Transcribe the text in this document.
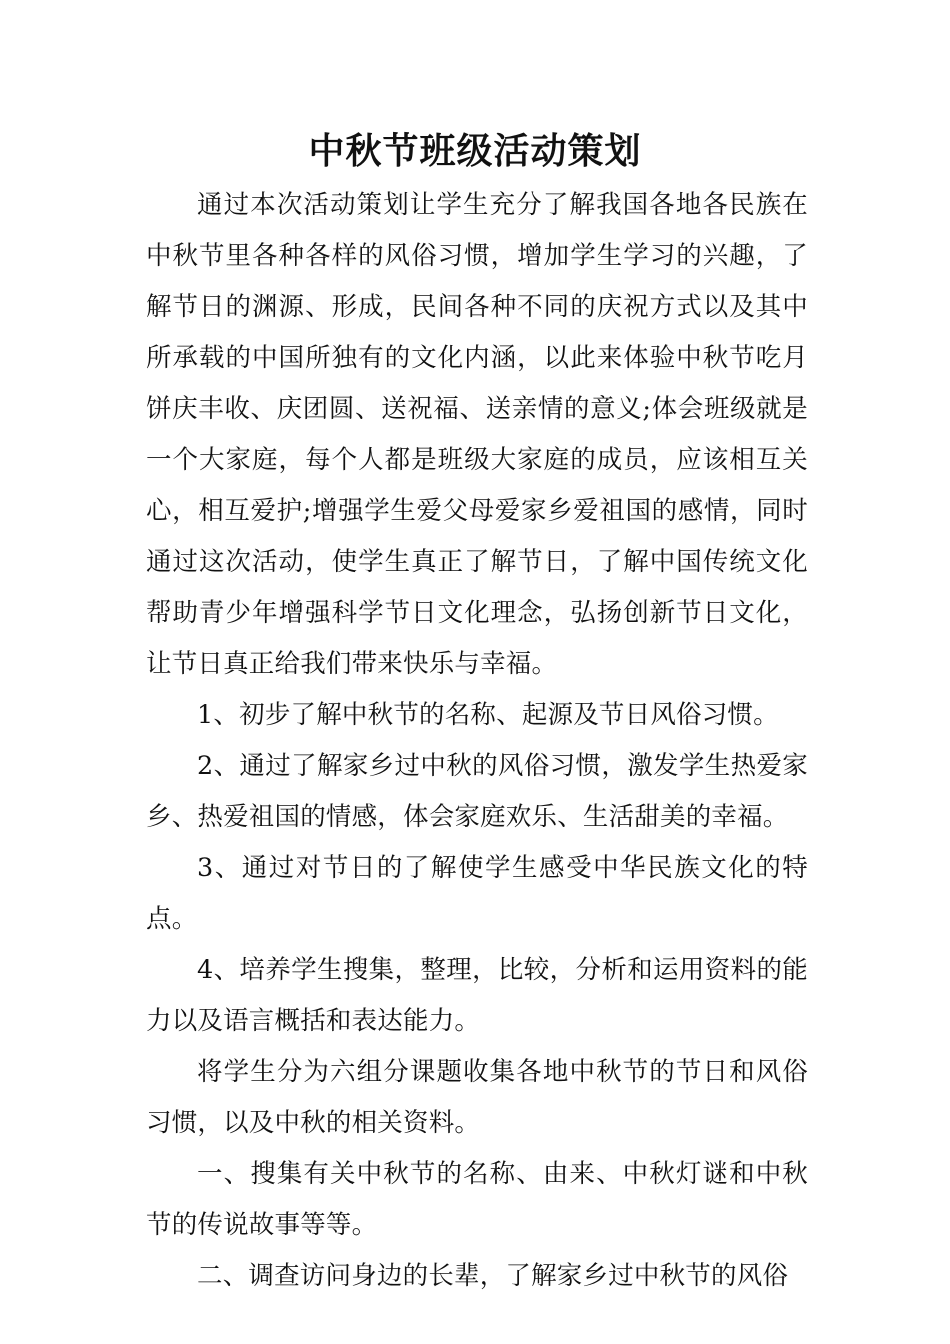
中秋节班级活动策划

通过本次活动策划让学生充分了解我国各地各民族在中秋节里各种各样的风俗习惯，增加学生学习的兴趣，了解节日的渊源、形成，民间各种不同的庆祝方式以及其中所承载的中国所独有的文化内涵，以此来体验中秋节吃月饼庆丰收、庆团圆、送祝福、送亲情的意义;体会班级就是一个大家庭，每个人都是班级大家庭的成员，应该相互关心，相互爱护;增强学生爱父母爱家乡爱祖国的感情，同时通过这次活动，使学生真正了解节日，了解中国传统文化帮助青少年增强科学节日文化理念，弘扬创新节日文化，让节日真正给我们带来快乐与幸福。

1、初步了解中秋节的名称、起源及节日风俗习惯。

2、通过了解家乡过中秋的风俗习惯，激发学生热爱家乡、热爱祖国的情感，体会家庭欢乐、生活甜美的幸福。

3、通过对节日的了解使学生感受中华民族文化的特点。

4、培养学生搜集，整理，比较，分析和运用资料的能力以及语言概括和表达能力。

将学生分为六组分课题收集各地中秋节的节日和风俗习惯，以及中秋的相关资料。

一、搜集有关中秋节的名称、由来、中秋灯谜和中秋节的传说故事等等。

二、调查访问身边的长辈，了解家乡过中秋节的风俗
